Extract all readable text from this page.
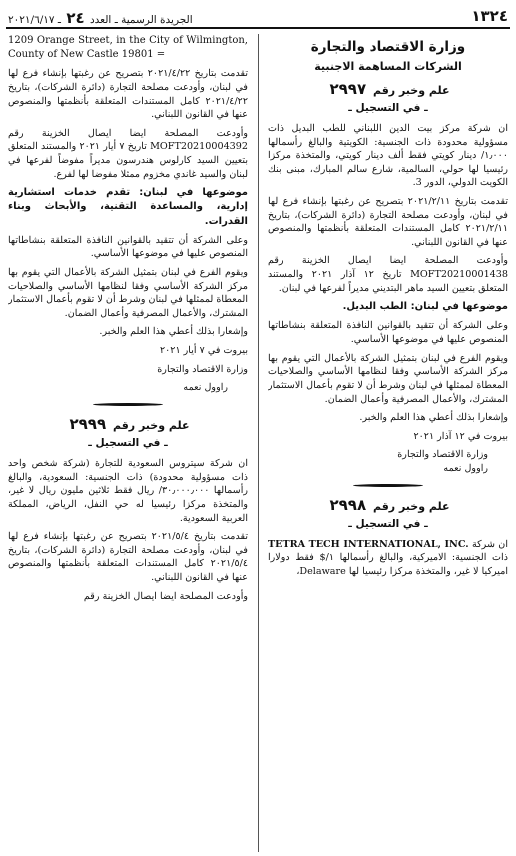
١٣٢٤
الجريدة الرسمية ـ العدد ٢٤ ـ ٢٠٢١/٦/١٧
وزارة الاقتصاد والتجارة
الشركات المساهمة الاجنبية
علم وخبر رقم ٢٩٩٧
ـ في التسجيل ـ

ان شركة مركز بيت الدين اللبناني للطب البديل ذات مسؤولية محدودة ذات الجنسية: الكويتية والبالغ رأسمالها ١٫٠٠٠/ دينار كويتي فقط ألف دينار كويتي، والمتخذة مركزا رئيسيا لها حولي، السالمية، شارع سالم المبارك، مبنى بنك الكويت الدولي، الدور 3.

تقدمت بتاريخ ٢٠٢١/٢/١١ بتصريح عن رغبتها بإنشاء فرع لها في لبنان، وأودعت مصلحة التجارة (دائرة الشركات)، بتاريخ ٢٠٢١/٢/١١ كامل المستندات المتعلقة بأنظمتها والمنصوص عنها في القانون اللبناني.

وأودعت المصلحة ايضا ايصال الخزينة رقم MOFT20210001438 تاريخ ١٢ آذار ٢٠٢١ والمستند المتعلق بتعيين السيد ماهر البتديني مديراً لفرعها في لبنان.

موضوعها في لبنان: الطب البديل.

وعلى الشركة أن تتقيد بالقوانين النافذة المتعلقة بنشاطاتها المنصوص عليها في موضوعها الأساسي.

ويقوم الفرع في لبنان بتمثيل الشركة بالأعمال التي يقوم بها مركز الشركة الأساسي وفقا لنظامها الأساسي والصلاحيات المعطاة لممثلها في لبنان وشرط أن لا تقوم بأعمال الاستثمار المشترك، والأعمال المصرفية وأعمال الضمان.

وإشعارا بذلك أعطي هذا العلم والخبر.

بيروت في ١٢ آذار ٢٠٢١

وزارة الاقتصاد والتجارة

راوول نعمه

علم وخبر رقم ٢٩٩٨
ـ في التسجيل ـ

ان شركة TETRA TECH INTERNATIONAL, INC. ذات الجنسية: الاميركية، والبالغ رأسمالها ١/$ فقط دولارا اميركيا لا غير، والمتخذة مركزا رئيسيا لها Delaware،

1209 Orange Street, in the City of Wilmington, County of New Castle 19801 =

تقدمت بتاريخ ٢٠٢١/٤/٢٢ بتصريح عن رغبتها بإنشاء فرع لها في لبنان، وأودعت مصلحة التجارة (دائرة الشركات)، بتاريخ ٢٠٢١/٤/٢٢ كامل المستندات المتعلقة بأنظمتها والمنصوص عنها في القانون اللبناني.

وأودعت المصلحة ايضا ايصال الخزينة رقم MOFT20210004392 تاريخ ٧ أيار ٢٠٢١ والمستند المتعلق بتعيين السيد كارلوس هندرسون مديراً مفوضاً لفرعها في لبنان والسيد غاندي مخزوم ممثلا مفوضا لها لفرع.

موضوعها في لبنان: تقدم خدمات استشارية إدارية، والمساعدة التقنية، والأبحاث وبناء القدرات.

وعلى الشركة أن تتقيد بالقوانين النافذة المتعلقة بنشاطاتها المنصوص عليها في موضوعها الأساسي.

ويقوم الفرع في لبنان بتمثيل الشركة بالأعمال التي يقوم بها مركز الشركة الأساسي وفقا لنظامها الأساسي والصلاحيات المعطاة لممثلها في لبنان وشرط أن لا تقوم بأعمال الاستثمار المشترك، والأعمال المصرفية وأعمال الضمان.

وإشعارا بذلك أعطي هذا العلم والخبر.

بيروت في ٧ أيار ٢٠٢١

وزارة الاقتصاد والتجارة

راوول نعمه

علم وخبر رقم ٢٩٩٩
ـ في التسجيل ـ

ان شركة سيتروس السعودية للتجارة (شركة شخص واحد ذات مسؤولية محدودة) ذات الجنسية: السعودية، والبالغ رأسمالها ٣٠٫٠٠٠٫٠٠٠/ ريال فقط ثلاثين مليون ريال لا غير، والمتخذة مركزا رئيسيا له حي النفل، الرياض، المملكة العربية السعودية.

تقدمت بتاريخ ٢٠٢١/٥/٤ بتصريح عن رغبتها بإنشاء فرع لها في لبنان، وأودعت مصلحة التجارة (دائرة الشركات)، بتاريخ ٢٠٢١/٥/٤ كامل المستندات المتعلقة بأنظمتها والمنصوص عنها في القانون اللبناني.

وأودعت المصلحة ايضا ايصال الخزينة رقم
